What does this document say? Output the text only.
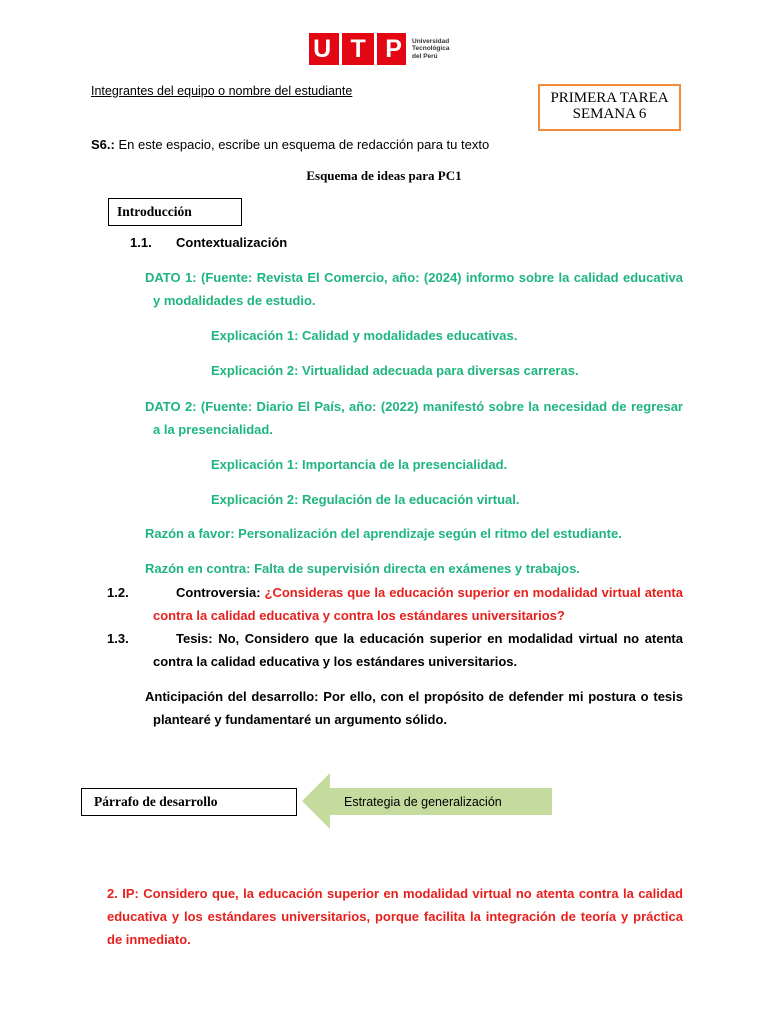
U T P Universidad
Tecnológica
del Perú
Integrantes del equipo o nombre del estudiante	PRIMERA TAREA SEMANA 6
S6.: En este espacio, escribe un esquema de redacción para tu texto
Esquema de ideas para PC1
Introducción
1.1. Contextualización
DATO 1: (Fuente: Revista El Comercio, año: (2024) informo sobre la calidad educativa y modalidades de estudio.
Explicación 1: Calidad y modalidades educativas.
Explicación 2: Virtualidad adecuada para diversas carreras.
DATO 2: (Fuente: Diario El País, año: (2022) manifestó sobre la necesidad de regresar a la presencialidad.
Explicación 1: Importancia de la presencialidad.
Explicación 2: Regulación de la educación virtual.
Razón a favor: Personalización del aprendizaje según el ritmo del estudiante.
Razón en contra: Falta de supervisión directa en exámenes y trabajos.
1.2.	Controversia: ¿Consideras que la educación superior en modalidad virtual atenta contra la calidad educativa y contra los estándares universitarios?
1.3.	Tesis: No, Considero que la educación superior en modalidad virtual no atenta contra la calidad educativa y los estándares universitarios.
Anticipación del desarrollo: Por ello, con el propósito de defender mi postura o tesis plantearé y fundamentaré un argumento sólido.
Párrafo de desarrollo	Estrategia de generalización
2. IP: Considero que, la educación superior en modalidad virtual no atenta contra la calidad educativa y los estándares universitarios, porque facilita la integración de teoría y práctica de inmediato.
